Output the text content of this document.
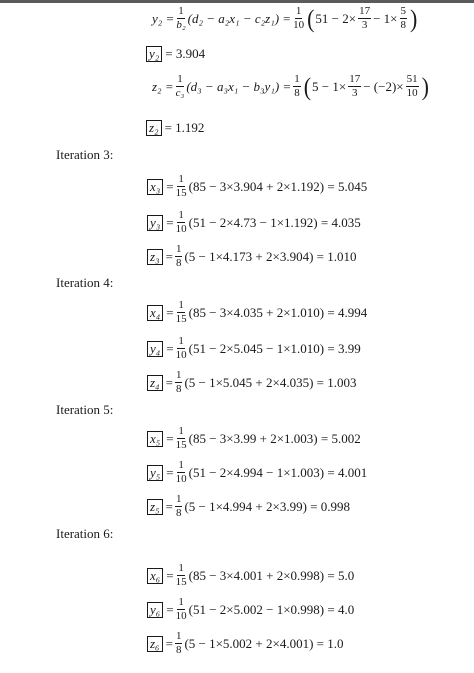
$y_2 = \frac{1}{\text{b₂}} (d_2 - a_2x_1 - c_2z_1) = \frac{1}{10}$ ( $51 - 2\times \frac{17}{3} - 1\times \frac{5}{8}$ )
y₂ = 3.904
$z_2 = \frac{1}{\text{c₃}} (d_3 - a_3x_1 - b_3y_1) = \frac{1}{8}$ ( $5 - 1\times \frac{17}{3} - (-2)\times \frac{51}{10}$ )
z₂ = 1.192
Iteration 3:
$x_3 = \frac{1}{15} (85 - 3\times 3.904 + 2\times 1.192) = 5.045$
$y_3 = \frac{1}{10} (51 - 2\times 4.73 - 1\times 1.192) = 4.035$
$z_3 = \frac{1}{8} (5 - 1\times 4.173 + 2\times 3.904) = 1.010$
Iteration 4:
$x_4 = \frac{1}{15} (85 - 3\times 4.035 + 2\times 1.010) = 4.994$
$y_4 = \frac{1}{10} (51 - 2\times 5.045 - 1\times 1.010) = 3.99$
$z_4 = \frac{1}{8} (5 - 1\times 5.045 + 2\times 4.035) = 1.003$
Iteration 5:
$x_5 = \frac{1}{15} (85 - 3\times 3.99 + 2\times 1.003) = 5.002$
$y_5 = \frac{1}{10} (51 - 2\times 4.994 - 1\times 1.003) = 4.001$
$z_5 = \frac{1}{8} (5 - 1\times 4.994 + 2\times 3.99) = 0.998$
Iteration 6:
$x_6 = \frac{1}{15} (85 - 3\times 4.001 + 2\times 0.998) = 5.0$
$y_6 = \frac{1}{10} (51 - 2\times 5.002 - 1\times 0.998) = 4.0$
$z_6 = \frac{1}{8} (5 - 1\times 5.002 + 2\times 4.001) = 1.0$
